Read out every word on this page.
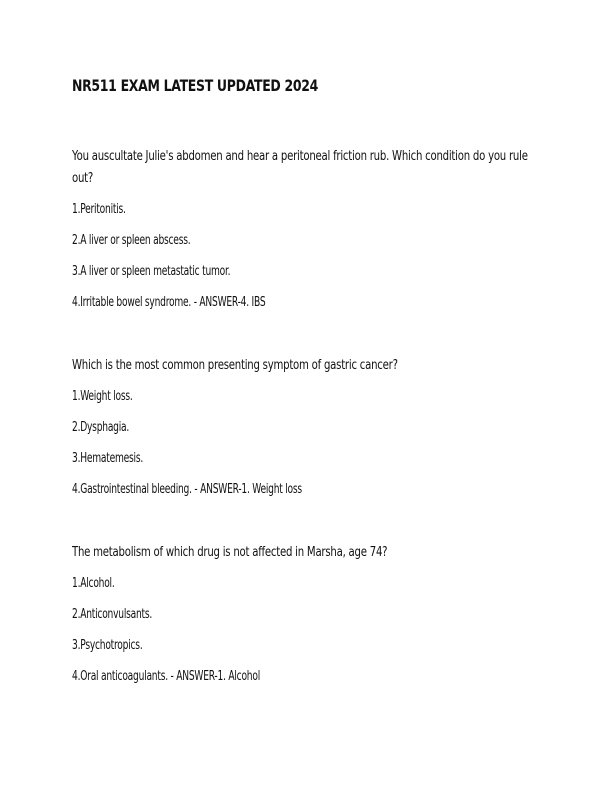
NR511 EXAM LATEST UPDATED 2024

You auscultate Julie's abdomen and hear a peritoneal friction rub. Which condition do you rule out?

1.Peritonitis.
2.A liver or spleen abscess.
3.A liver or spleen metastatic tumor.
4.Irritable bowel syndrome. - ANSWER-4. IBS

Which is the most common presenting symptom of gastric cancer?

1.Weight loss.
2.Dysphagia.
3.Hematemesis.
4.Gastrointestinal bleeding. - ANSWER-1. Weight loss

The metabolism of which drug is not affected in Marsha, age 74?

1.Alcohol.
2.Anticonvulsants.
3.Psychotropics.
4.Oral anticoagulants. - ANSWER-1. Alcohol
